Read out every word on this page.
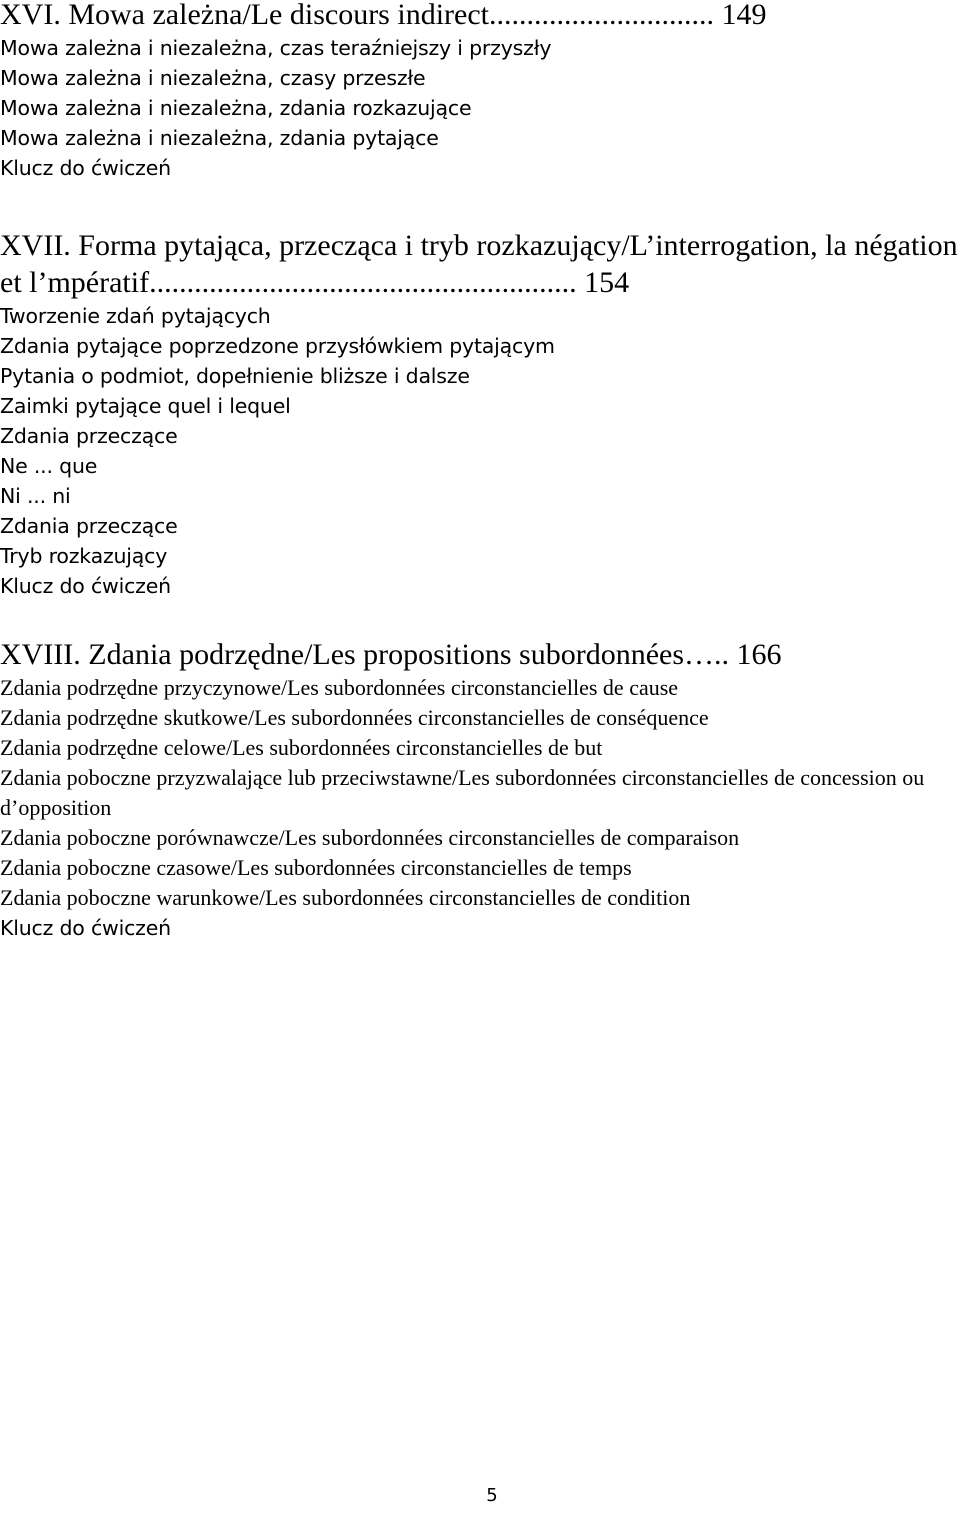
XVI. Mowa zależna/Le discours indirect.............................. 149

Mowa zależna i niezależna, czas teraźniejszy i przyszły

Mowa zależna i niezależna, czasy przeszłe

Mowa zależna i niezależna, zdania rozkazujące

Mowa zależna i niezależna, zdania pytające

Klucz do ćwiczeń

XVII. Forma pytająca, przecząca i tryb rozkazujący/L’interrogation, la négation et l’mpératif......................................................... 154

Tworzenie zdań pytających

Zdania pytające poprzedzone przysłówkiem pytającym

Pytania o podmiot, dopełnienie bliższe i dalsze

Zaimki pytające quel i lequel

Zdania przeczące

Ne ... que

Ni ... ni

Zdania przeczące

Tryb rozkazujący

Klucz do ćwiczeń

XVIII. Zdania podrzędne/Les propositions subordonnées….. 166

Zdania podrzędne przyczynowe/Les subordonnées circonstancielles de cause

Zdania podrzędne skutkowe/Les subordonnées circonstancielles de conséquence

Zdania podrzędne celowe/Les subordonnées circonstancielles de but

Zdania poboczne przyzwalające lub przeciwstawne/Les subordonnées circonstancielles de concession ou d’opposition

Zdania poboczne porównawcze/Les subordonnées circonstancielles de comparaison

Zdania poboczne czasowe/Les subordonnées circonstancielles de temps

Zdania poboczne warunkowe/Les subordonnées circonstancielles de condition

Klucz do ćwiczeń

5
